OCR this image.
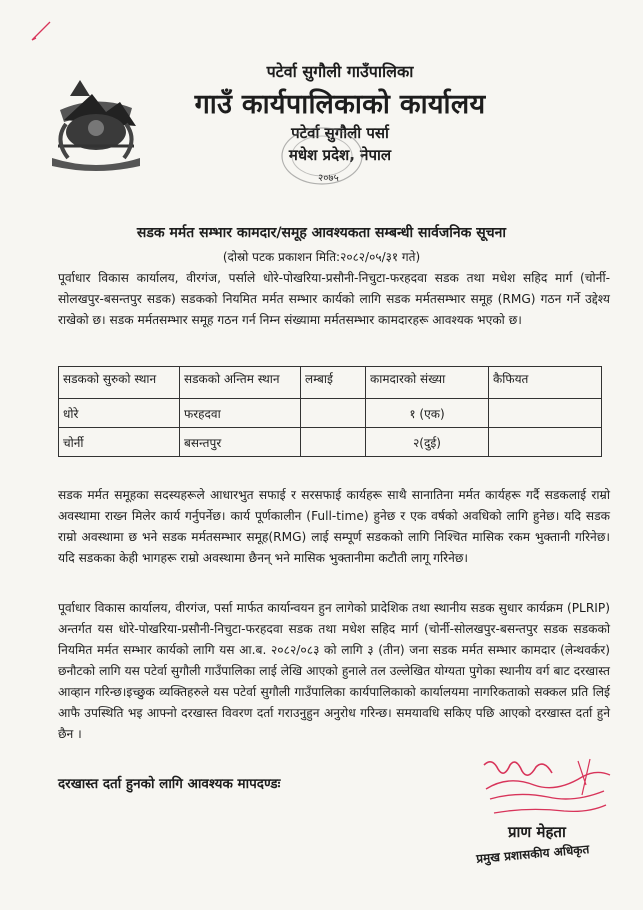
पटेर्वा सुगौली गाउँपालिका
गाउँ कार्यपालिकाको कार्यालय
पटेर्वा सुगौली पर्सा
मधेश प्रदेश, नेपाल
२०७५
सडक मर्मत सम्भार कामदार/समूह आवश्यकता सम्बन्धी सार्वजनिक सूचना
(दोस्रो पटक प्रकाशन मिति:२०८२/०५/३१ गते)
पूर्वाधार विकास कार्यालय, वीरगंज, पर्साले धोरे-पोखरिया-प्रसौनी-निचुटा-फरहदवा सडक तथा मधेश सहिद मार्ग (चोर्नी-सोलखपुर-बसन्तपुर सडक) सडकको नियमित मर्मत सम्भार कार्यको लागि सडक मर्मतसम्भार समूह (RMG) गठन गर्ने उद्देश्य राखेको छ। सडक मर्मतसम्भार समूह गठन गर्न निम्न संख्यामा मर्मतसम्भार कामदारहरू आवश्यक भएको छ।
सडकको सुरुको स्थान	सडकको अन्तिम स्थान	लम्बाई	कामदारको संख्या	कैफियत
धोरे	फरहदवा		१ (एक)	
चोर्नी	बसन्तपुर		२(दुई)	
सडक मर्मत समूहका सदस्यहरूले आधारभुत सफाई र सरसफाई कार्यहरू साथै सानातिना मर्मत कार्यहरू गर्दै सडकलाई राम्रो अवस्थामा राख्न मिलेर कार्य गर्नुपर्नेछ। कार्य पूर्णकालीन (Full-time) हुनेछ र एक वर्षको अवधिको लागि हुनेछ। यदि सडक राम्रो अवस्थामा छ भने सडक मर्मतसम्भार समूह(RMG) लाई सम्पूर्ण सडकको लागि निश्चित मासिक रकम भुक्तानी गरिनेछ। यदि सडकका केही भागहरू राम्रो अवस्थामा छैनन् भने मासिक भुक्तानीमा कटौती लागू गरिनेछ।
पूर्वाधार विकास कार्यालय, वीरगंज, पर्सा मार्फत कार्यान्वयन हुन लागेको प्रादेशिक तथा स्थानीय सडक सुधार कार्यक्रम (PLRIP) अन्तर्गत यस धोरे-पोखरिया-प्रसौनी-निचुटा-फरहदवा सडक तथा मधेश सहिद मार्ग (चोर्नी-सोलखपुर-बसन्तपुर सडक सडकको नियमित मर्मत सम्भार कार्यको लागि यस आ.ब. २०८२/०८३ को लागि ३ (तीन) जना सडक मर्मत सम्भार कामदार (लेन्थवर्कर) छनौटको लागि यस पटेर्वा सुगौली गाउँपालिका लाई लेखि आएको हुनाले तल उल्लेखित योग्यता पुगेका स्थानीय वर्ग बाट दरखास्त आव्हान गरिन्छ।इच्छुक व्यक्तिहरुले यस पटेर्वा सुगौली गाउँपालिका कार्यपालिकाको कार्यालयमा नागरिकताको सक्कल प्रति लिई आफै उपस्थिति भइ आफ्नो दरखास्त विवरण दर्ता गराउनुहुन अनुरोध गरिन्छ। समयावधि सकिए पछि आएको दरखास्त दर्ता हुने छैन ।
दरखास्त दर्ता हुनको लागि आवश्यक मापदण्डः
प्राण मेहता
प्रमुख प्रशासकीय अधिकृत
